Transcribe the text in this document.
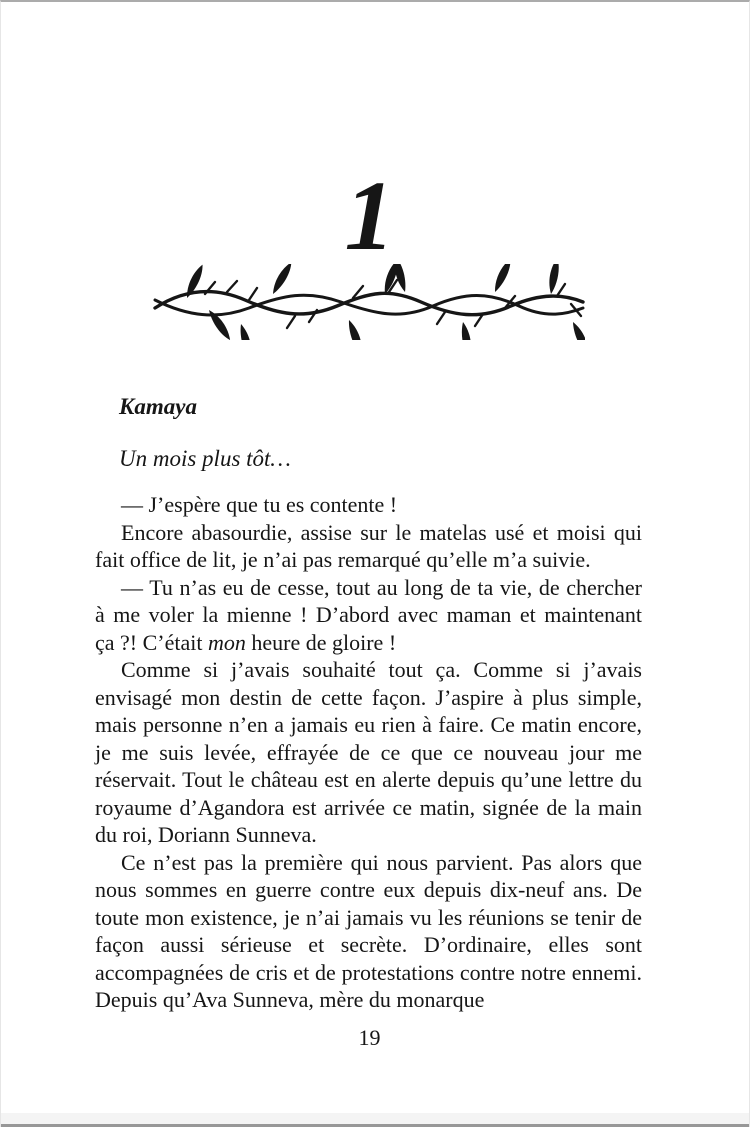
1
Kamaya
Un mois plus tôt…

— J’espère que tu es contente !

Encore abasourdie, assise sur le matelas usé et moisi qui fait office de lit, je n’ai pas remarqué qu’elle m’a suivie.

— Tu n’as eu de cesse, tout au long de ta vie, de chercher à me voler la mienne ! D’abord avec maman et maintenant ça ?! C’était mon heure de gloire !

Comme si j’avais souhaité tout ça. Comme si j’avais envisagé mon destin de cette façon. J’aspire à plus simple, mais personne n’en a jamais eu rien à faire. Ce matin encore, je me suis levée, effrayée de ce que ce nouveau jour me réservait. Tout le château est en alerte depuis qu’une lettre du royaume d’Agandora est arrivée ce matin, signée de la main du roi, Doriann Sunneva.

Ce n’est pas la première qui nous parvient. Pas alors que nous sommes en guerre contre eux depuis dix-neuf ans. De toute mon existence, je n’ai jamais vu les réunions se tenir de façon aussi sérieuse et secrète. D’ordinaire, elles sont accompagnées de cris et de protestations contre notre ennemi. Depuis qu’Ava Sunneva, mère du monarque

19
